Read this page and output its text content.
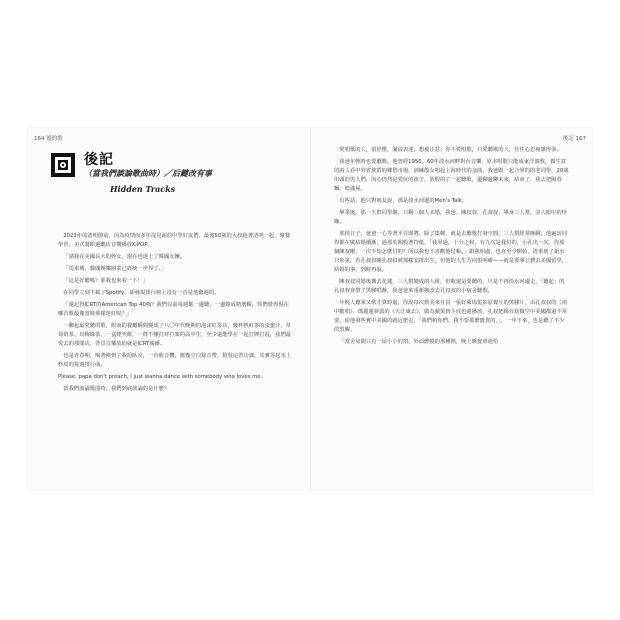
164 後的歌	後記 167
後記
（當我們談論歌曲時）／后鍵改有事
Hidden Tracks

2023年的清明節前，因為疫情而多年沒見面的中學好友們，最後50歲的大叔趁著清明一起，聚餐學習，美式餐館邊聽店音響播放K-POP。

「請我在美國長大的姪女，現在也迷上了韓國女團。

「馬來興，韓國娛樂圈業已經統一世界了。」

「這是好聽嗎？那我也來看一下！」

在同學立刻下載了Spotify，卻發現排行榜上沒有一首是他聽過的。

「還記得ICRT的American Top 40嗎？我們以前每週都一邊聽，一邊錄成精選輯，你們覺得現在哪首歌最像當時那樣迷紅呢？」

一聊起最愛聽的歌，眼前的餐廳瞬間變成了八〇年代晚期的泡沫紅茶店，幾杯熱紅茶的蛋蜜汁、草莓奶茶、烏梅綠茶，一盒煙夾餅，一群不懂打烊打架的高中生，至少還能學在一起打牌打混，我們最愛去的那間店，背景音樂放的就是ICRT廣播。

也是青春期，喝著換到了我的臥室，一台收音機，應幾空白錄音帶，假裝這習功課，其實等起本上秒周的每週排行曲。

Please, papa don't preach, I just wanna dance with somebody who loves me.

當我們談論歌曲時，我們到底談論的是什麼？

愛唱歌的人，很好懂，滿溢表達，想被注意；你不愛唱歌，只愛聽歌的人，往往心思複雜得多。

我爸年輕時也愛聽歌，他曾經1950、60年淡水河畔對台音樂，原本唱歌只能成東洋演歌，做生意的兩人看中外省族群的鄉愁市場，訓練散女唱起上海時代的金曲，我爸跟一起合掌的的老同學，20歲出頭的男人們，內心仍然是愛玩的孩子，放假的了一起聽歌，邊聊邊聊未來，結束了，我去把陽春麵，唸滿屋。

有些話，他只對朋友說，那是淡水河邊的Men's Talk。

畢業後，那一大群同學聚，只剩三個人未婚，我爸、陳叔叔，孔叔叔，畢身三人幫，旁人眼中的怪咖。

那段日子，爸爸一心等著平日即將，除了集郵，就是去聽歌打發空閒，三人幫經常晚聊，他遍訪同得都在廣結婚潮漸，過那英開般著符紙，「我屏過，十分之候，有九次是我付的，小孔出一次，你那個陳叔剛，一次不知怎麼付的？所以我也不喜歡他付帳。」跟我相處，也直至今開始，清來到了新水只象第，若孔叔叔陳孔叔叔就那樣安排出生，但他的人生方向很明確——就是要拿公費去美國留學，結婚的事，到時再說。

陳叔叔同婚後搬去花蓮，三人幫變成兩人組，但歌還是要聽的，只是不再淡水河邊走，「聽起」的孔叔叔會帶了黑膠唱盤，我爸爸來重新搬改去孔叔叔的小宿舍聽歌。

年輕人聽來又歌才算時髦，你說每次到美來且買一張好萊塢電影原聲片的黑膠片，由孔叔叔的《雨中歡唱》、瑪麗蓮夢露的《大江東去》，做為蘋果到斗底也還播放，孔叔把陽台底做空中美國都還不常要，給他發些實中美國的就這麼走，「我們和你們，我不要那麼寶貴的。」，一年下來，也是聽了不少的黑膠。

「當舍房間只有一扇小小的窗，外面燃燒的那種熱，晚上睡覺車通怕
